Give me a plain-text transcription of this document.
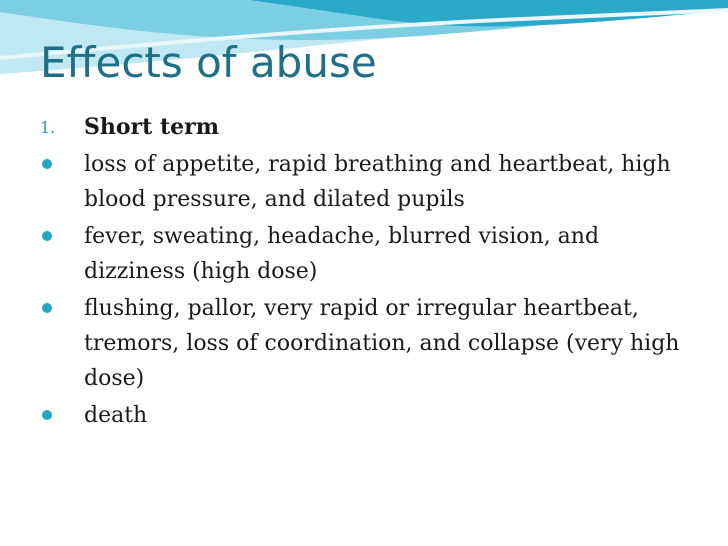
Effects of abuse
1. Short term
loss of appetite, rapid breathing and heartbeat, high blood pressure, and dilated pupils
fever, sweating, headache, blurred vision, and dizziness (high dose)
flushing, pallor, very rapid or irregular heartbeat, tremors, loss of coordination, and collapse (very high dose)
death
